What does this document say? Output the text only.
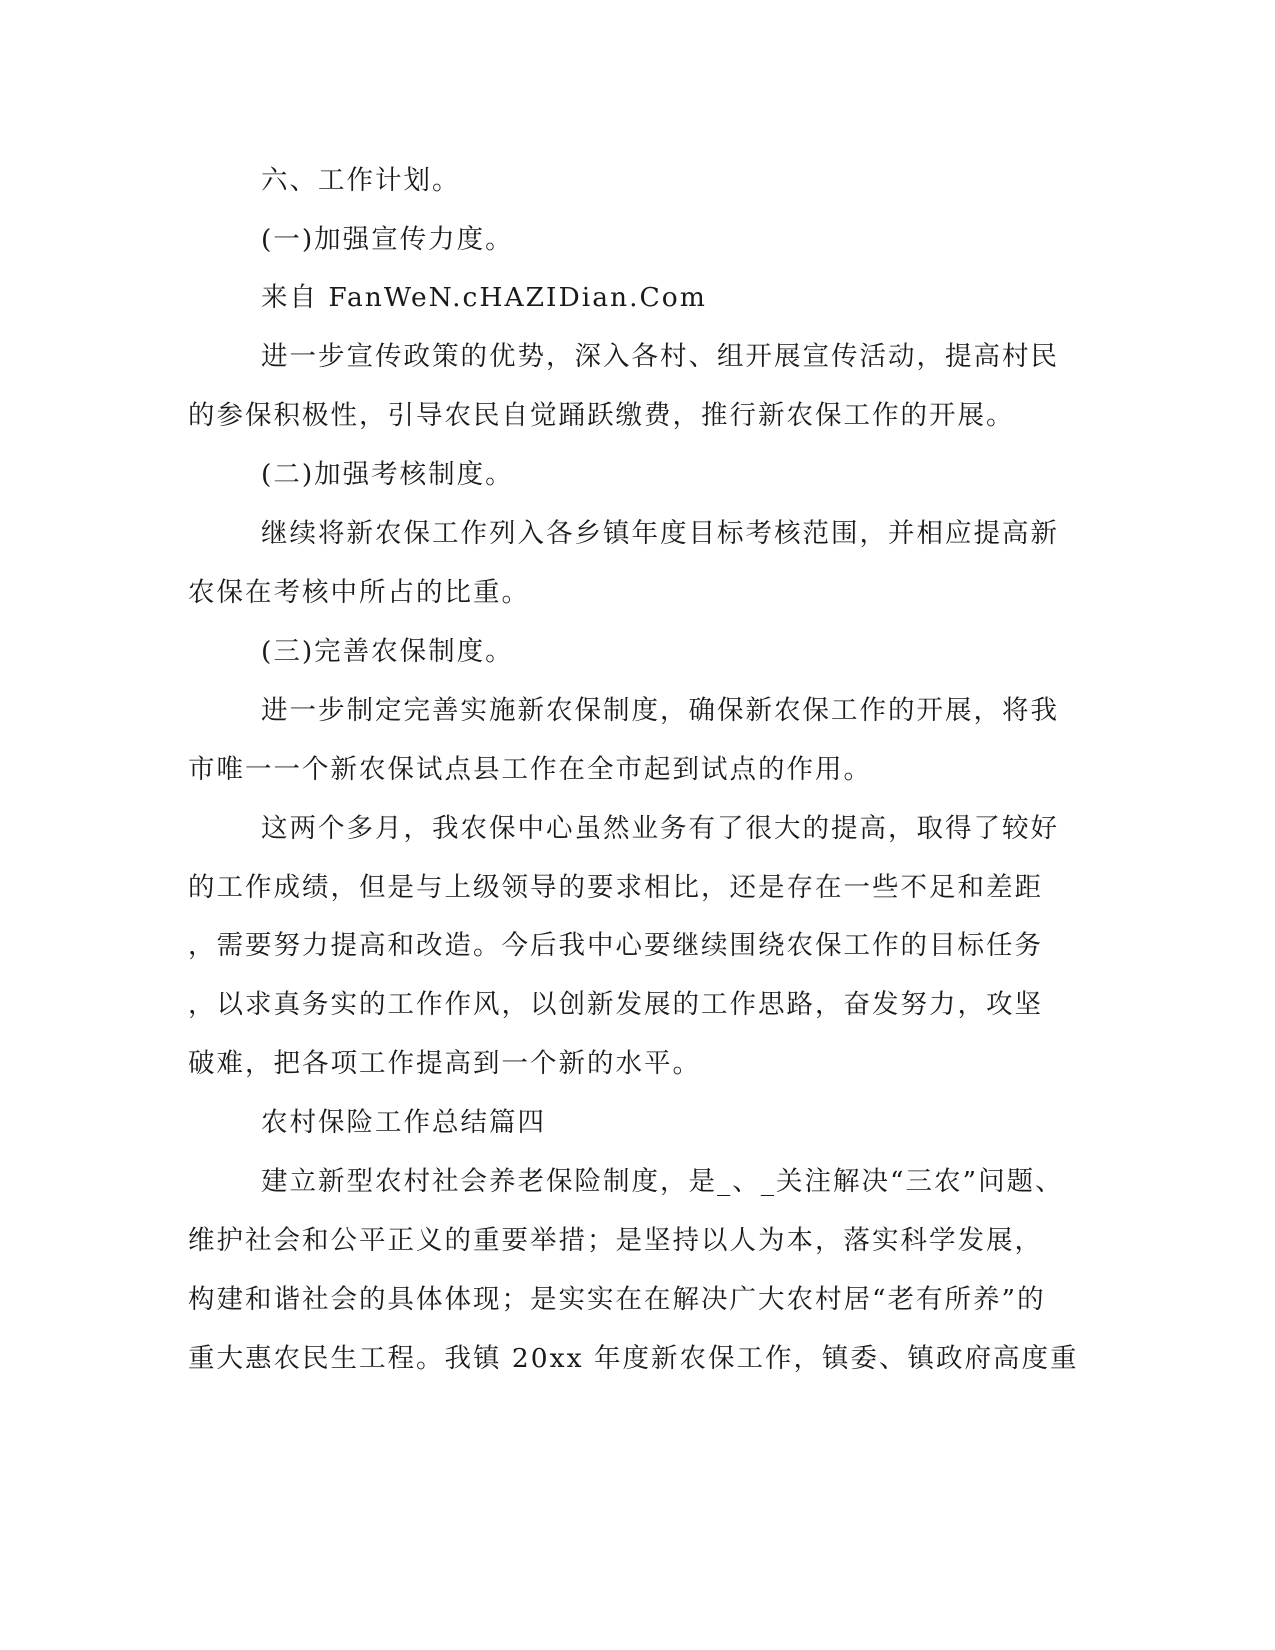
六、工作计划。
(一)加强宣传力度。
来自 FanWeN.cHAZIDian.Com
进一步宣传政策的优势，深入各村、组开展宣传活动，提高村民
的参保积极性，引导农民自觉踊跃缴费，推行新农保工作的开展。
(二)加强考核制度。
继续将新农保工作列入各乡镇年度目标考核范围，并相应提高新
农保在考核中所占的比重。
(三)完善农保制度。
进一步制定完善实施新农保制度，确保新农保工作的开展，将我
市唯一一个新农保试点县工作在全市起到试点的作用。
这两个多月，我农保中心虽然业务有了很大的提高，取得了较好
的工作成绩，但是与上级领导的要求相比，还是存在一些不足和差距
，需要努力提高和改造。今后我中心要继续围绕农保工作的目标任务
，以求真务实的工作作风，以创新发展的工作思路，奋发努力，攻坚
破难，把各项工作提高到一个新的水平。
农村保险工作总结篇四
建立新型农村社会养老保险制度，是_、_关注解决“三农”问题、
维护社会和公平正义的重要举措；是坚持以人为本，落实科学发展，
构建和谐社会的具体体现；是实实在在解决广大农村居“老有所养”的
重大惠农民生工程。我镇 20xx 年度新农保工作，镇委、镇政府高度重
